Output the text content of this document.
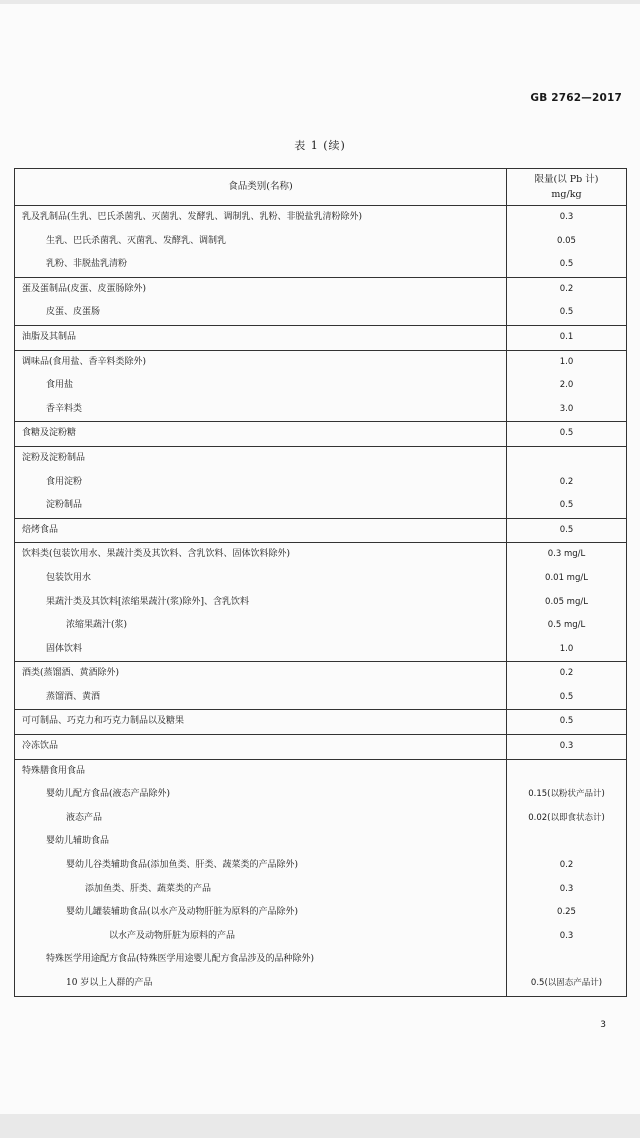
GB 2762—2017
表 1 (续)
食品类别(名称)	限量(以 Pb 计)
mg/kg

乳及乳制品(生乳、巴氏杀菌乳、灭菌乳、发酵乳、调制乳、乳粉、非脱盐乳清粉除外)	0.3
生乳、巴氏杀菌乳、灭菌乳、发酵乳、调制乳	0.05
乳粉、非脱盐乳清粉	0.5
蛋及蛋制品(皮蛋、皮蛋肠除外)	0.2
皮蛋、皮蛋肠	0.5
油脂及其制品	0.1
调味品(食用盐、香辛料类除外)	1.0
食用盐	2.0
香辛料类	3.0
食糖及淀粉糖	0.5
淀粉及淀粉制品	
食用淀粉	0.2
淀粉制品	0.5
焙烤食品	0.5
饮料类(包装饮用水、果蔬汁类及其饮料、含乳饮料、固体饮料除外)	0.3 mg/L
包装饮用水	0.01 mg/L
果蔬汁类及其饮料[浓缩果蔬汁(浆)除外]、含乳饮料	0.05 mg/L
浓缩果蔬汁(浆)	0.5 mg/L
固体饮料	1.0
酒类(蒸馏酒、黄酒除外)	0.2
蒸馏酒、黄酒	0.5
可可制品、巧克力和巧克力制品以及糖果	0.5
冷冻饮品	0.3
特殊膳食用食品	
婴幼儿配方食品(液态产品除外)	0.15(以粉状产品计)
液态产品	0.02(以即食状态计)
婴幼儿辅助食品	
婴幼儿谷类辅助食品(添加鱼类、肝类、蔬菜类的产品除外)	0.2
添加鱼类、肝类、蔬菜类的产品	0.3
婴幼儿罐装辅助食品(以水产及动物肝脏为原料的产品除外)	0.25
以水产及动物肝脏为原料的产品	0.3
特殊医学用途配方食品(特殊医学用途婴儿配方食品涉及的品种除外)	
10 岁以上人群的产品	0.5(以固态产品计)
3
